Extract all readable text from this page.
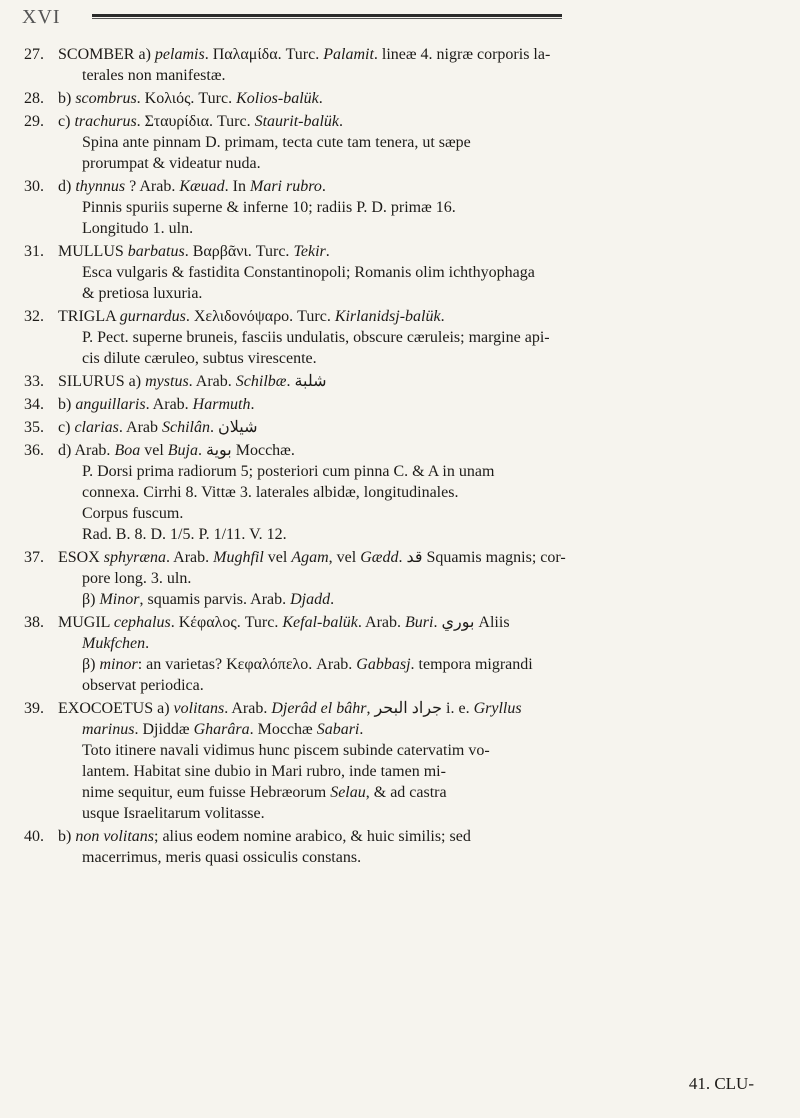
XVI
27. SCOMBER a) pelamis. Παλαμίδα. Turc. Palamit. lineæ 4. nigræ corporis la-
terales non manifestæ.
28. b) scombrus. Κολιός. Turc. Kolios-balük.
29. c) trachurus. Σταυρίδια. Turc. Staurit-balük.
Spina ante pinnam D. primam, tecta cute tam tenera, ut sæpe
prorumpat & videatur nuda.
30. d) thynnus ? Arab. Kæuad. In Mari rubro.
Pinnis spuriis superne & inferne 10; radiis P. D. primæ 16.
Longitudo 1. uln.
31. MULLUS barbatus. Βαρβᾶνι. Turc. Tekir.
Esca vulgaris & fastidita Constantinopoli; Romanis olim ichthyophaga
& pretiosa luxuria.
32. TRIGLA gurnardus. Χελιδονόψαρο. Turc. Kirlanidsj-balük.
P. Pect. superne bruneis, fasciis undulatis, obscure cæruleis; margine api-
cis dilute cæruleo, subtus virescente.
33. SILURUS a) mystus. Arab. Schilbæ. شلبة
34. b) anguillaris. Arab. Harmuth.
35. c) clarias. Arab Schilân. شيلان
36. d) Arab. Boa vel Buja. بوية Mocchæ.
P. Dorsi prima radiorum 5; posteriori cum pinna C. & A in unam
connexa. Cirrhi 8. Vittæ 3. laterales albidæ, longitudinales.
Corpus fuscum.
Rad. B. 8. D. 1/5. P. 1/11. V. 12.
37. ESOX sphyræna. Arab. Mughfil vel Agam, vel Gædd. قد Squamis magnis; cor-
pore long. 3. uln.
β) Minor, squamis parvis. Arab. Djadd.
38. MUGIL cephalus. Κέφαλος. Turc. Kefal-balük. Arab. Buri. بوري Aliis
Mukfchen.
β) minor: an varietas? Κεφαλόπελο. Arab. Gabbasj. tempora migrandi
observat periodica.
39. EXOCOETUS a) volitans. Arab. Djerâd el bâhr, جراد البحر i. e. Gryllus
marinus. Djiddæ Gharâra. Mocchæ Sabari.
Toto itinere navali vidimus hunc piscem subinde catervatim vo-
lantem. Habitat sine dubio in Mari rubro, inde tamen mi-
nime sequitur, eum fuisse Hebræorum Selau, & ad castra
usque Israelitarum volitasse.
40. b) non volitans; alius eodem nomine arabico, & huic similis; sed
macerrimus, meris quasi ossiculis constans.
41. CLU-
